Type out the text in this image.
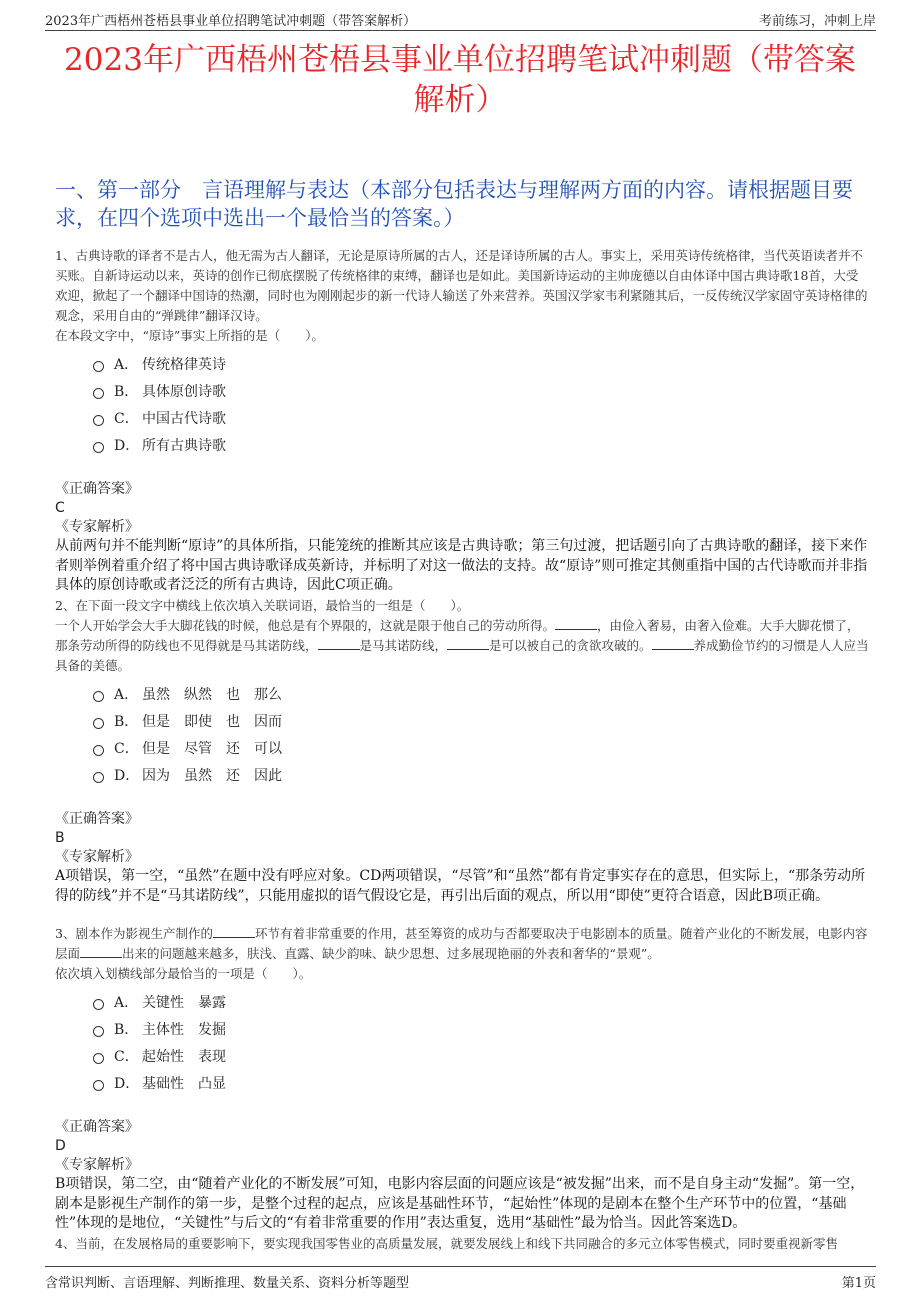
2023年广西梧州苍梧县事业单位招聘笔试冲刺题（带答案解析）	考前练习，冲刺上岸
2023年广西梧州苍梧县事业单位招聘笔试冲刺题（带答案解析）
一、第一部分　言语理解与表达（本部分包括表达与理解两方面的内容。请根据题目要求，在四个选项中选出一个最恰当的答案。）

1、古典诗歌的译者不是古人，他无需为古人翻译，无论是原诗所属的古人，还是译诗所属的古人。事实上，采用英诗传统格律，当代英语读者并不买账。自新诗运动以来，英诗的创作已彻底摆脱了传统格律的束缚，翻译也是如此。美国新诗运动的主帅庞德以自由体译中国古典诗歌18首，大受欢迎，掀起了一个翻译中国诗的热潮，同时也为刚刚起步的新一代诗人输送了外来营养。英国汉学家韦利紧随其后，一反传统汉学家固守英诗格律的观念，采用自由的“弹跳律”翻译汉诗。

在本段文字中，“原诗”事实上所指的是（　　）。

A． 传统格律英诗
B． 具体原创诗歌
C． 中国古代诗歌
D． 所有古典诗歌
《正确答案》
C
《专家解析》

从前两句并不能判断“原诗”的具体所指，只能笼统的推断其应该是古典诗歌；第三句过渡，把话题引向了古典诗歌的翻译，接下来作者则举例着重介绍了将中国古典诗歌译成英新诗，并标明了对这一做法的支持。故“原诗”则可推定其侧重指中国的古代诗歌而并非指具体的原创诗歌或者泛泛的所有古典诗，因此C项正确。

2、在下面一段文字中横线上依次填入关联词语，最恰当的一组是（　　）。

一个人开始学会大手大脚花钱的时候，他总是有个界限的，这就是限于他自己的劳动所得。	，由俭入奢易，由奢入俭难。大手大脚花惯了，那条劳动所得的防线也不见得就是马其诺防线，	是马其诺防线，	是可以被自己的贪欲攻破的。	养成勤俭节约的习惯是人人应当具备的美德。

A． 虽然　纵然　也　那么
B． 但是　即使　也　因而
C． 但是　尽管　还　可以
D． 因为　虽然　还　因此
《正确答案》
B
《专家解析》

A项错误，第一空，“虽然”在题中没有呼应对象。CD两项错误，“尽管”和“虽然”都有肯定事实存在的意思，但实际上，“那条劳动所得的防线”并不是“马其诺防线”，只能用虚拟的语气假设它是，再引出后面的观点，所以用“即使”更符合语意，因此B项正确。

3、剧本作为影视生产制作的	环节有着非常重要的作用，甚至筹资的成功与否都要取决于电影剧本的质量。随着产业化的不断发展，电影内容层面	出来的问题越来越多，肤浅、直露、缺少韵味、缺少思想、过多展现艳丽的外表和奢华的“景观”。

依次填入划横线部分最恰当的一项是（　　）。

A． 关键性　暴露
B． 主体性　发掘
C． 起始性　表现
D． 基础性　凸显
《正确答案》
D
《专家解析》

B项错误，第二空，由“随着产业化的不断发展”可知，电影内容层面的问题应该是“被发掘”出来，而不是自身主动“发掘”。第一空，剧本是影视生产制作的第一步，是整个过程的起点，应该是基础性环节，“起始性”体现的是剧本在整个生产环节中的位置，“基础性”体现的是地位，“关键性”与后文的“有着非常重要的作用”表达重复，选用“基础性”最为恰当。因此答案选D。

4、当前，在发展格局的重要影响下，要实现我国零售业的高质量发展，就要发展线上和线下共同融合的多元立体零售模式，同时要重视新零售

含常识判断、言语理解、判断推理、数量关系、资料分析等题型	第1页
